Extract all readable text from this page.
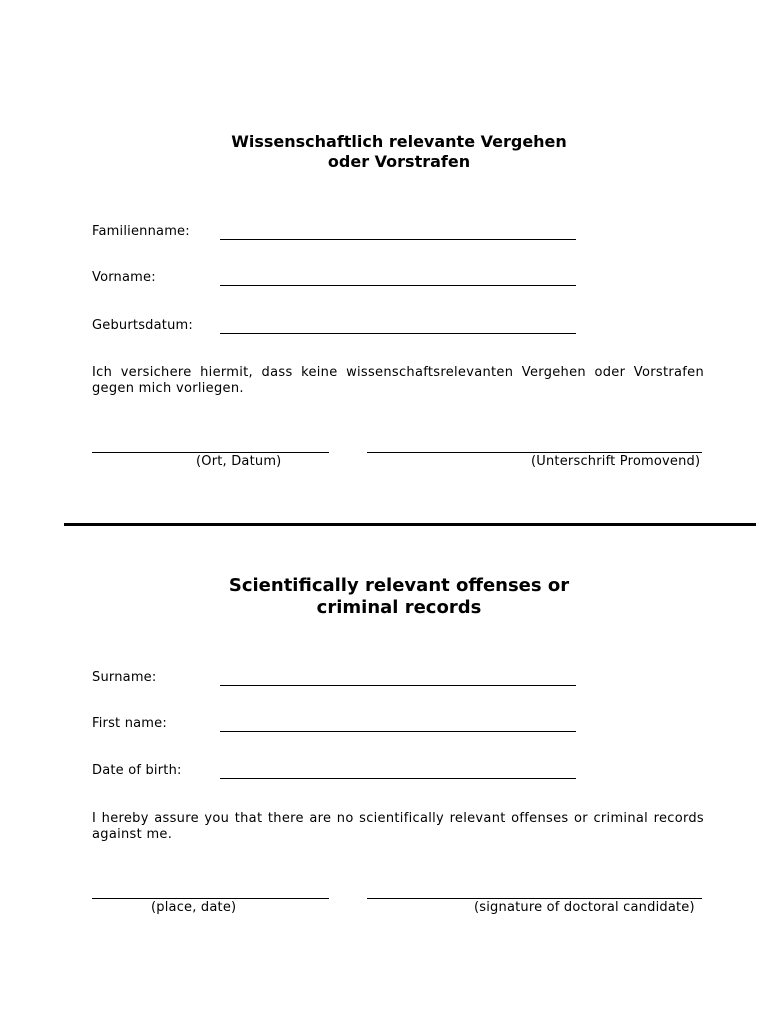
Wissenschaftlich relevante Vergehen
oder Vorstrafen
Familienname:
Vorname:
Geburtsdatum:
Ich versichere hiermit, dass keine wissenschaftsrelevanten Vergehen oder Vorstrafen gegen mich vorliegen.
(Ort, Datum)	(Unterschrift Promovend)
Scientifically relevant offenses or
criminal records
Surname:
First name:
Date of birth:
I hereby assure you that there are no scientifically relevant offenses or criminal records against me.
(place, date)	(signature of doctoral candidate)
